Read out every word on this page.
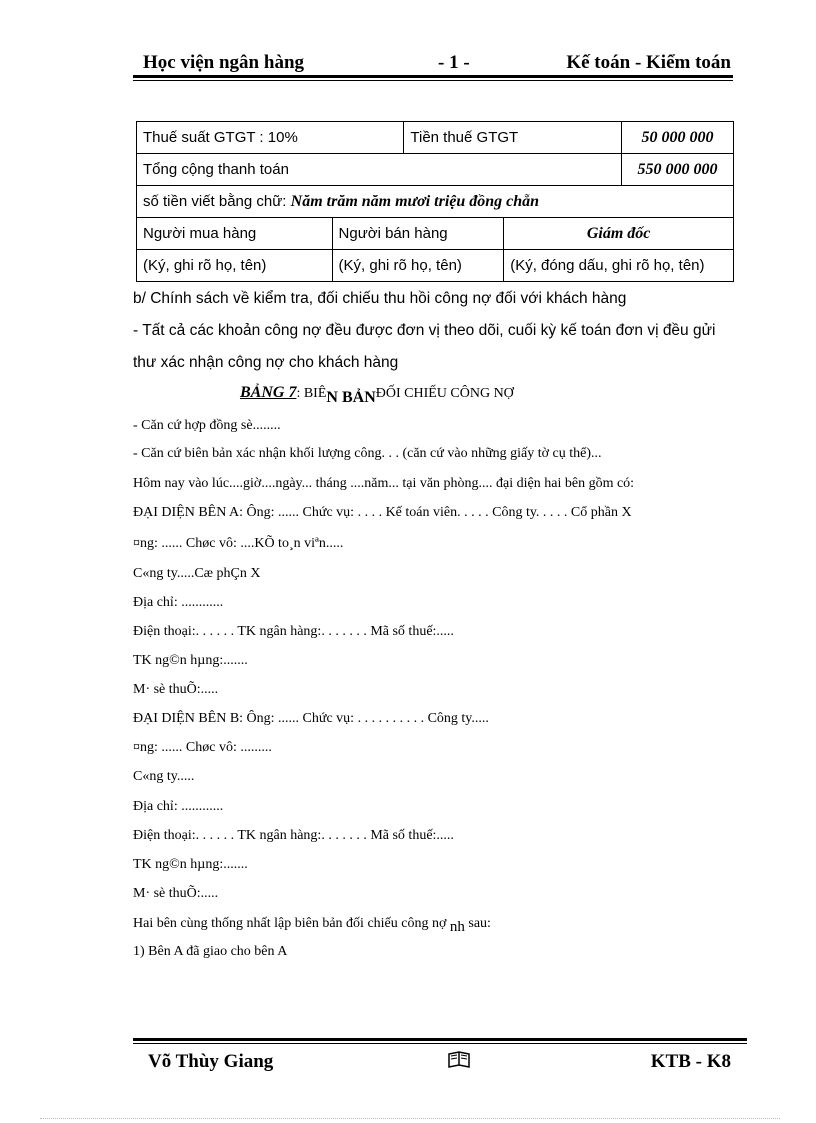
Học viện ngân hàng	- 1 -	Kế toán - Kiểm toán
Thuế suất GTGT : 10%		Tiền thuế GTGT		50 000 000
Tổng cộng thanh toán				550 000 000
số tiền viết bằng chữ: Năm trăm năm mươi triệu đồng chẵn				
Người mua hàng	Người bán hàng		Giám đốc	
(Ký, ghi rõ họ, tên)	(Ký, ghi rõ họ, tên)		(Ký, đóng dấu, ghi rõ họ, tên)	
b/ Chính sách về kiểm tra, đối chiếu thu hồi công nợ đối với khách hàng
- Tất cả các khoản công nợ đều được đơn vị theo dõi, cuối kỳ kế toán đơn vị đều gửi
thư xác nhận công nợ cho khách hàng
BẢNG 7: BIÊN BẢNĐỐI CHIẾU CÔNG NỢ
- Căn cứ hợp đồng sè........
- Căn cứ biên bản xác nhận khối lượng công. . . (căn cứ vào những giấy tờ cụ thể)...
Hôm nay vào lúc....giờ....ngày... tháng ....năm... tại văn phòng.... đại diện hai bên gồm có:
ĐẠI DIỆN BÊN A: Ông: ...... Chức vụ: . . . . Kế toán viên. . . . . Công ty. . . . . Cổ phần X
¤ng: ...... Chøc vô: ....KÕ to¸n viªn.....
C«ng ty.....Cæ phÇn X
Địa chỉ: ............
Điện thoại:. . . . . . TK ngân hàng:. . . . . . . Mã số thuế:.....
TK ng©n hµng:.......
M· sè thuÕ:.....
ĐẠI DIỆN BÊN B: Ông: ...... Chức vụ: . . . . . . . . . . Công ty.....
¤ng: ...... Chøc vô: .........
C«ng ty.....
Địa chỉ: ............
Điện thoại:. . . . . . TK ngân hàng:. . . . . . . Mã số thuế:.....
TK ng©n hµng:.......
M· sè thuÕ:.....
Hai bên cùng thống nhất lập biên bản đối chiếu công nợ nh sau:
1) Bên A đã giao cho bên A
Võ Thùy Giang	KTB - K8
